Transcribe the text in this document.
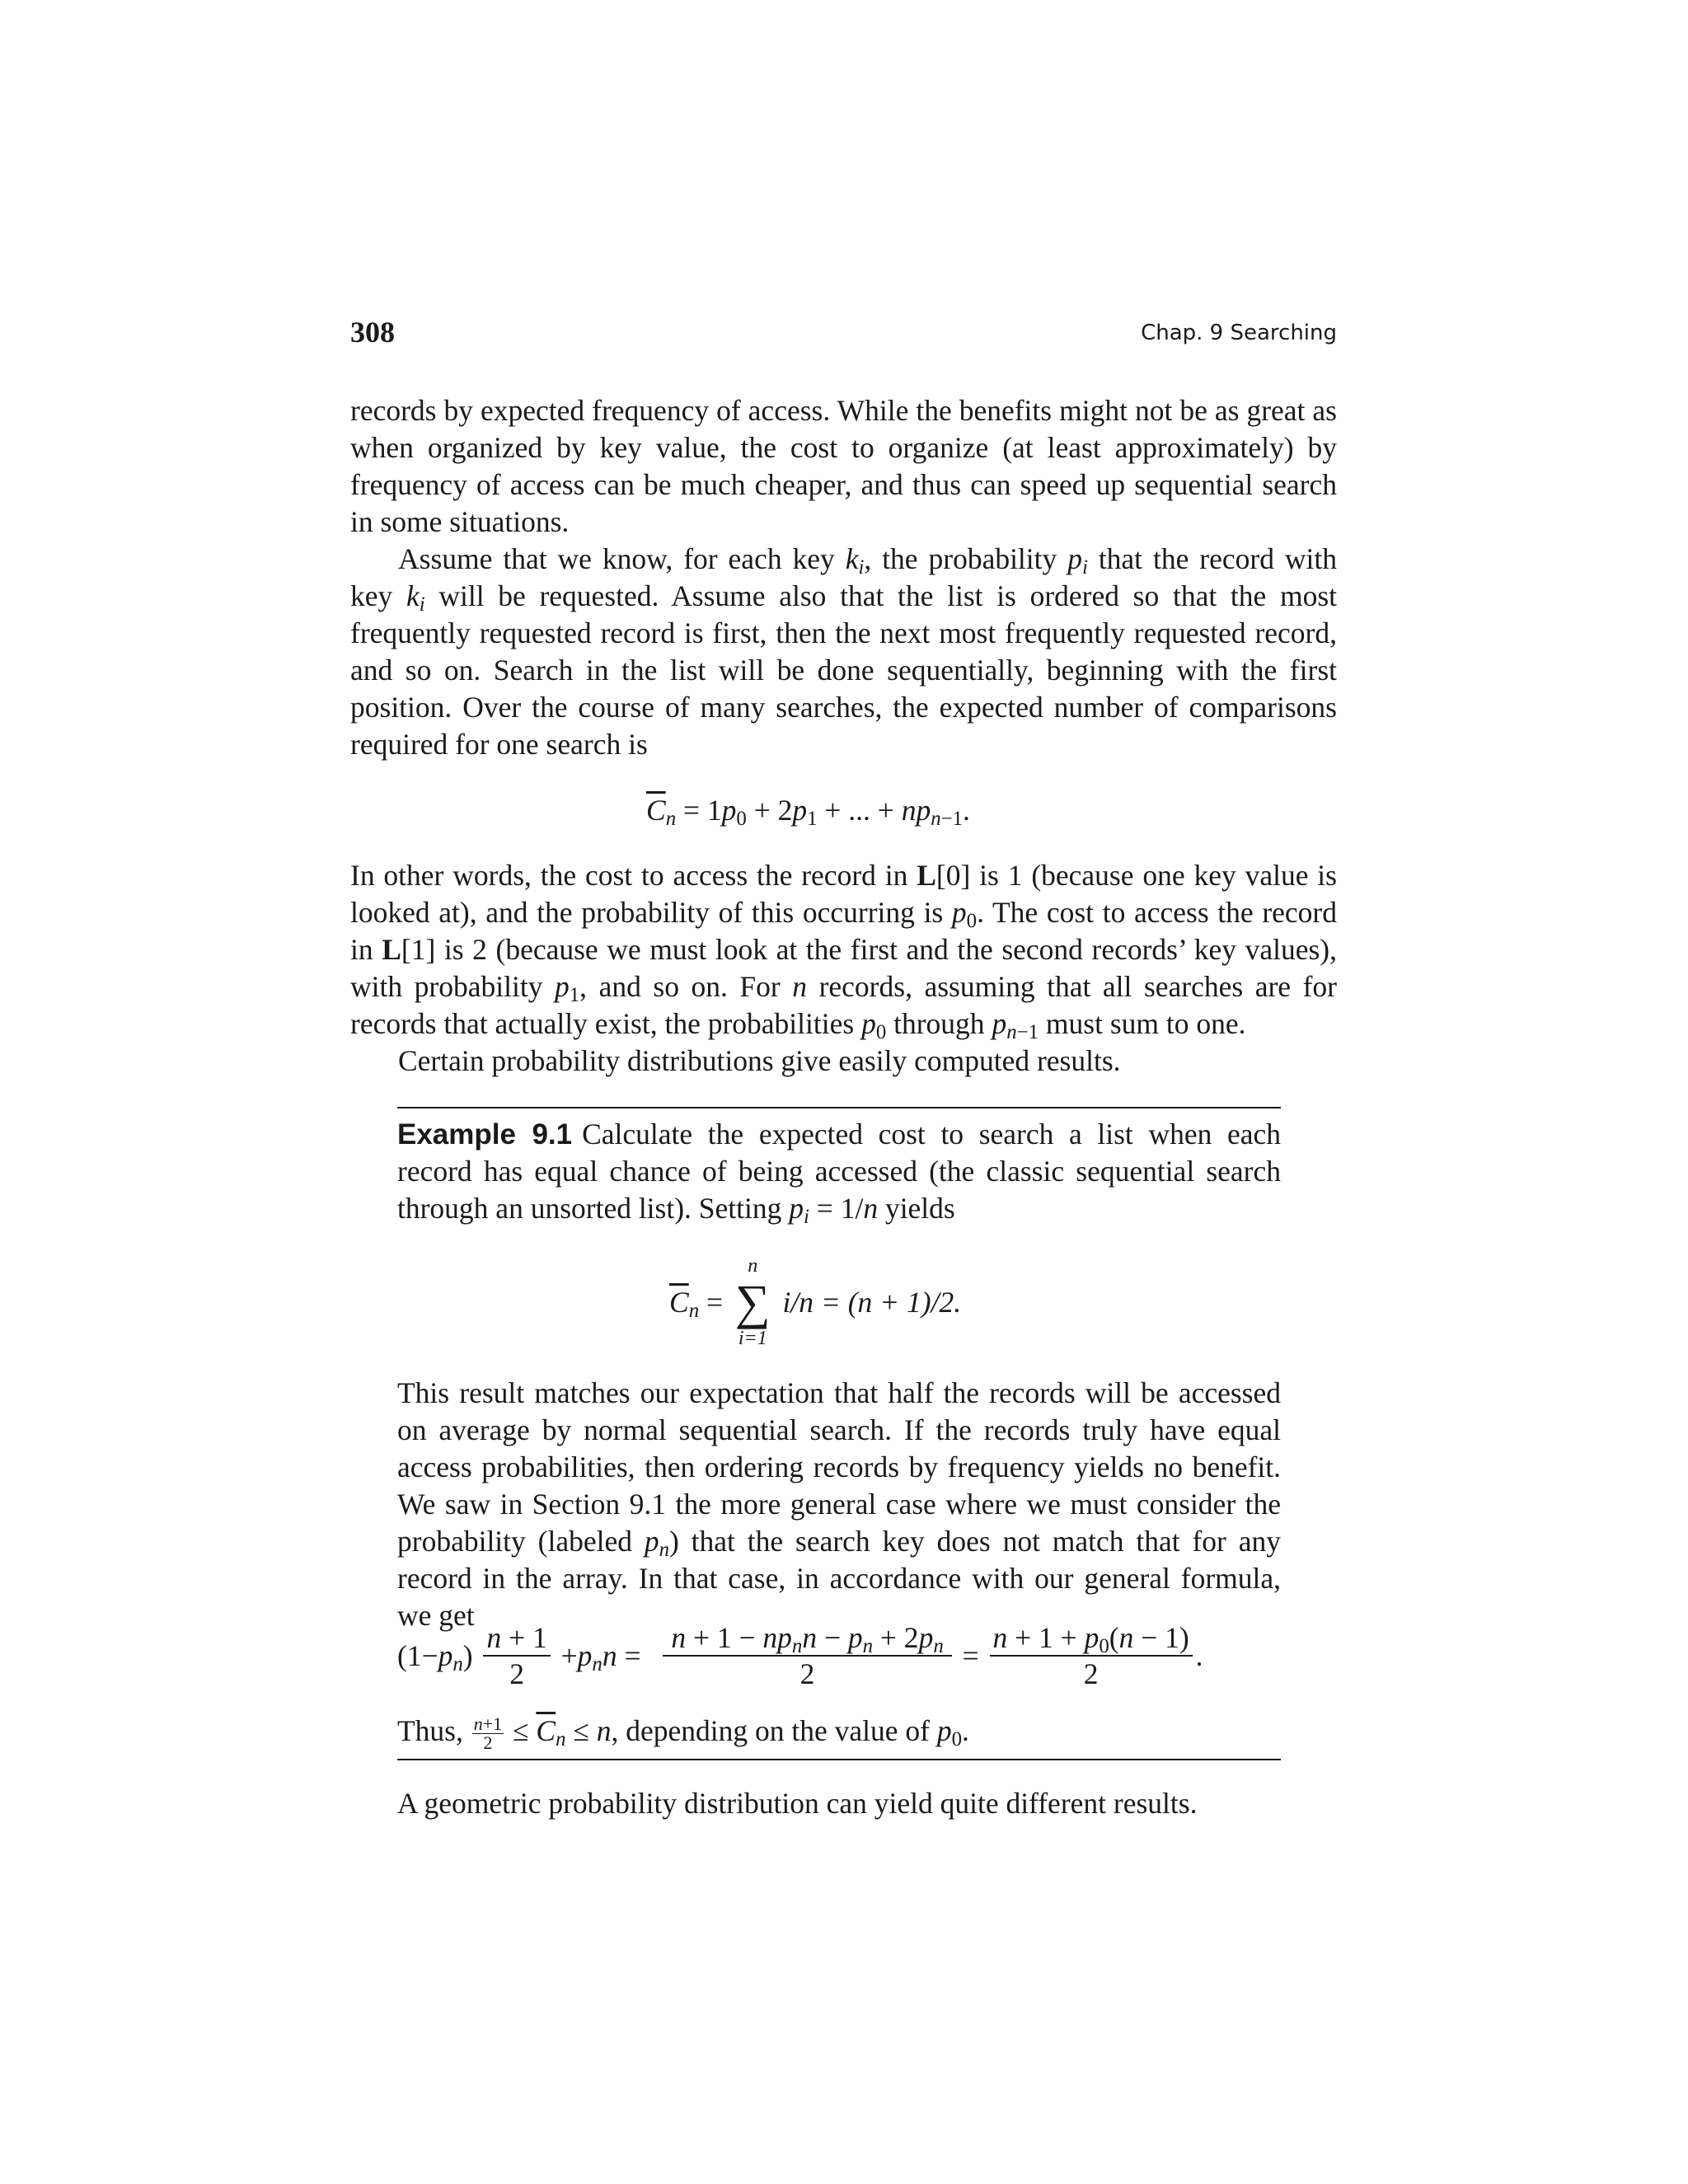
308	Chap. 9 Searching

records by expected frequency of access. While the benefits might not be as great as when organized by key value, the cost to organize (at least approximately) by frequency of access can be much cheaper, and thus can speed up sequential search in some situations.

Assume that we know, for each key $k_i$, the probability $p_i$ that the record with key $k_i$ will be requested. Assume also that the list is ordered so that the most frequently requested record is first, then the next most frequently requested record, and so on. Search in the list will be done sequentially, beginning with the first position. Over the course of many searches, the expected number of comparisons required for one search is

$\overline{C}_n = 1p_0 + 2p_1$ + ... + $np_{n-1}$.

In other words, the cost to access the record in L[0] is 1 (because one key value is looked at), and the probability of this occurring is $p_0$. The cost to access the record in L[1] is 2 (because we must look at the first and the second records’ key values), with probability $p_1$, and so on. For n records, assuming that all searches are for records that actually exist, the probabilities $p_0$ through $p_{n-1}$ must sum to one.

Certain probability distributions give easily computed results.

Example 9.1 Calculate the expected cost to search a list when each record has equal chance of being accessed (the classic sequential search through an unsorted list). Setting $p_i = 1/n$ yields

$\overline{C}_n$ =
n
∑
i=1
i/n = (n + 1)/2.

This result matches our expectation that half the records will be accessed on average by normal sequential search. If the records truly have equal access probabilities, then ordering records by frequency yields no benefit. We saw in Section 9.1 the more general case where we must consider the probability (labeled $p_n$) that the search key does not match that for any record in the array. In that case, in accordance with our general formula, we get

$(1-p_n) \frac{n + 1}{2} +p_nn = \frac{n + 1 - np_nn - p_n + 2p_n}{2} = \frac{n + 1 + p_0(n - 1)}{2}$ .

Thus, $\frac{n+1}{2} \le \overline{C}_n \le n$, depending on the value of $p_0$.

A geometric probability distribution can yield quite different results.
